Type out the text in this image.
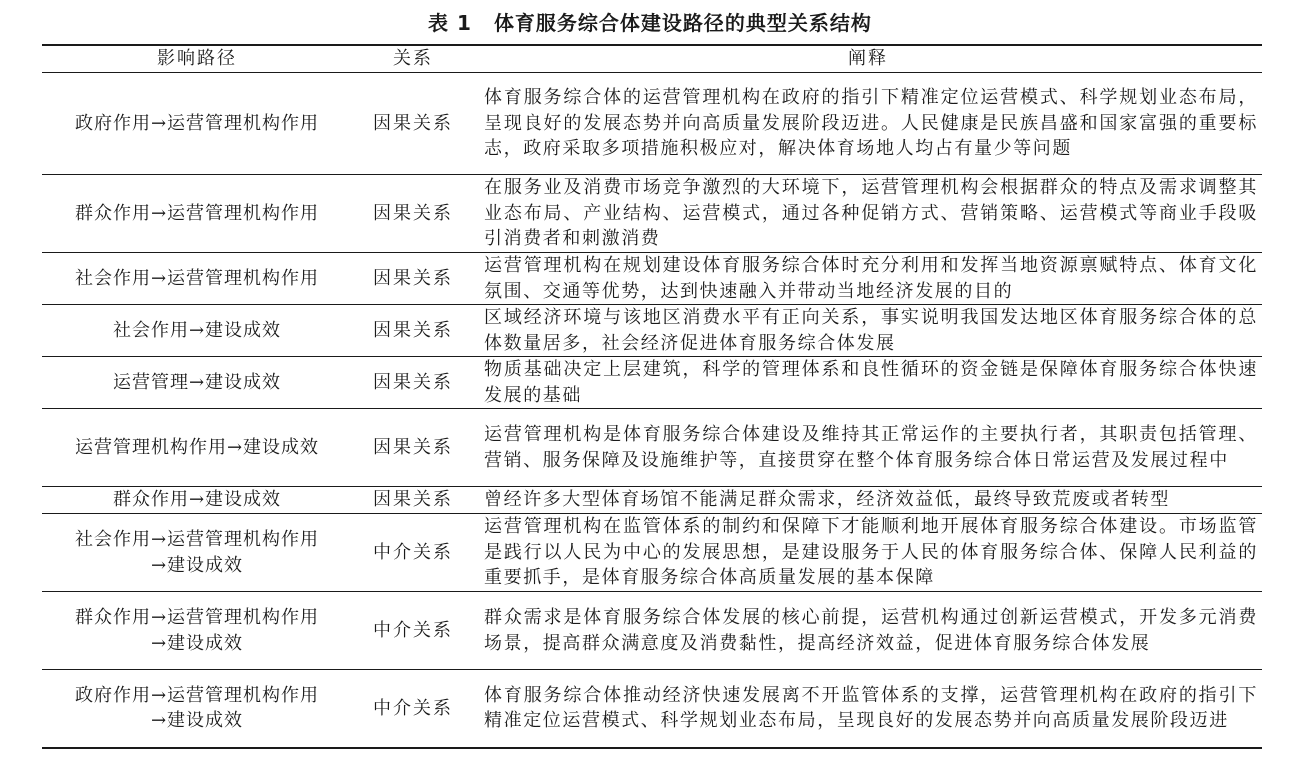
表 1 体育服务综合体建设路径的典型关系结构
影响路径	关系	阐释

政府作用→运营管理机构作用	因果关系	体育服务综合体的运营管理机构在政府的指引下精准定位运营模式、科学规划业态布局，呈现良好的发展态势并向高质量发展阶段迈进。人民健康是民族昌盛和国家富强的重要标志，政府采取多项措施积极应对，解决体育场地人均占有量少等问题

群众作用→运营管理机构作用	因果关系	在服务业及消费市场竞争激烈的大环境下，运营管理机构会根据群众的特点及需求调整其业态布局、产业结构、运营模式，通过各种促销方式、营销策略、运营模式等商业手段吸引消费者和刺激消费

社会作用→运营管理机构作用	因果关系	运营管理机构在规划建设体育服务综合体时充分利用和发挥当地资源禀赋特点、体育文化氛围、交通等优势，达到快速融入并带动当地经济发展的目的

社会作用→建设成效	因果关系	区域经济环境与该地区消费水平有正向关系，事实说明我国发达地区体育服务综合体的总体数量居多，社会经济促进体育服务综合体发展

运营管理→建设成效	因果关系	物质基础决定上层建筑，科学的管理体系和良性循环的资金链是保障体育服务综合体快速发展的基础

运营管理机构作用→建设成效	因果关系	运营管理机构是体育服务综合体建设及维持其正常运作的主要执行者，其职责包括管理、营销、服务保障及设施维护等，直接贯穿在整个体育服务综合体日常运营及发展过程中

群众作用→建设成效	因果关系	曾经许多大型体育场馆不能满足群众需求，经济效益低，最终导致荒废或者转型

社会作用→运营管理机构作用
→建设成效	中介关系	运营管理机构在监管体系的制约和保障下才能顺利地开展体育服务综合体建设。市场监管是践行以人民为中心的发展思想，是建设服务于人民的体育服务综合体、保障人民利益的重要抓手，是体育服务综合体高质量发展的基本保障

群众作用→运营管理机构作用
→建设成效	中介关系	群众需求是体育服务综合体发展的核心前提，运营机构通过创新运营模式，开发多元消费场景，提高群众满意度及消费黏性，提高经济效益，促进体育服务综合体发展

政府作用→运营管理机构作用
→建设成效	中介关系	体育服务综合体推动经济快速发展离不开监管体系的支撑，运营管理机构在政府的指引下精准定位运营模式、科学规划业态布局，呈现良好的发展态势并向高质量发展阶段迈进
